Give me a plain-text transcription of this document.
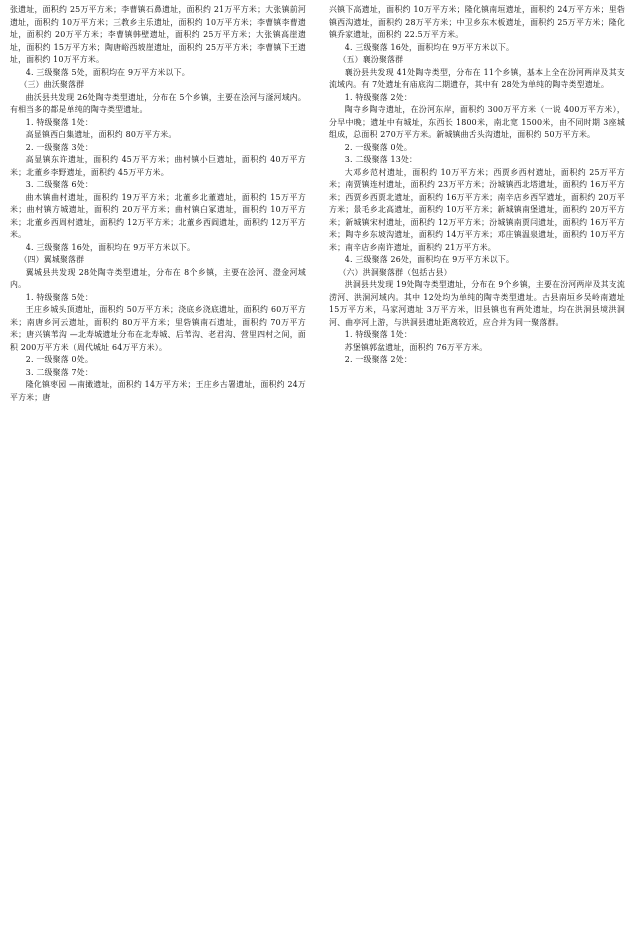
张遗址，面积约 25万平方米；李曹镇石鼻遗址，面积约 21万平方米；大张镇前河遗址，面积约 10万平方米；三教乡主乐遗址，面积约 10万平方米；李曹镇李曹遗址，面积约 20万平方米；李曹镇韩壁遗址，面积约 25万平方米；大张镇高崖遗址，面积约 15万平方米；陶唐峪西坡崖遗址，面积约 25万平方米；李曹镇下王遗址，面积约 10万平方米。

4. 三级聚落 5处，面积均在 9万平方米以下。

（三）曲沃聚落群

曲沃县共发现 26处陶寺类型遗址，分布在 5个乡镇，主要在浍河与滏河域内。有相当多的都是单纯的陶寺类型遗址。

1. 特级聚落 1处：

高显镇西白集遗址，面积约 80万平方米。

2. 一级聚落 3处：

高显镇东许遗址，面积约 45万平方米；曲村镇小巨遗址，面积约 40万平方米；北董乡李野遗址，面积约 45万平方米。

3. 二级聚落 6处：

曲木镇曲村遗址，面积约 19万平方米；北董乡北董遗址，面积约 15万平方米；曲村镇方城遗址，面积约 20万平方米；曲村镇白冢遗址，面积约 10万平方米；北董乡西周村遗址，面积约 12万平方米；北董乡西阎遗址，面积约 12万平方米。

4. 三级聚落 16处，面积均在 9万平方米以下。

（四）翼城聚落群

翼城县共发现 28处陶寺类型遗址，分布在 8个乡镇，主要在浍河、澄金河域内。

1. 特级聚落 5处：

王庄乡城头顶遗址，面积约 50万平方米；浇底乡浇底遗址，面积约 60万平方米；南唐乡河云遗址，面积约 80万平方米；里砦镇南石遗址，面积约 70万平方米；唐兴镇苇沟 —北寿城遗址分布在北寿城、后苇沟、老君沟、营里四村之间，面积 200万平方米（周代城址 64万平方米）。

2. 一级聚落 0处。

3. 二级聚落 7处：

隆化镇枣园 —南撖遗址，面积约 14万平方米；王庄乡古署遗址，面积约 24万平方米；唐

兴镇下高遗址，面积约 10万平方米；隆化镇南垣遗址，面积约 24万平方米；里砦镇西沟遗址，面积约 28万平方米；中卫乡东木板遗址，面积约 25万平方米；隆化镇乔家遗址，面积约 22.5万平方米。

4. 三级聚落 16处，面积均在 9万平方米以下。

（五）襄汾聚落群

襄汾县共发现 41处陶寺类型，分布在 11个乡镇，基本上全在汾河两岸及其支流域内。有 7处遗址有庙底沟二期遗存，其中有 28处为单纯的陶寺类型遗址。

1. 特级聚落 2处：

陶寺乡陶寺遗址，在汾河东岸，面积约 300万平方米（一说 400万平方米），分早中晚；遗址中有城址，东西长 1800米，南北宽 1500米，由不同时期 3座城组成，总面积 270万平方米。新城镇曲舌头沟遗址，面积约 50万平方米。

2. 一级聚落 0处。

3. 二级聚落 13处：

大邓乡范村遗址，面积约 10万平方米；西贾乡西村遗址，面积约 25万平方米；南贾镇连村遗址，面积约 23万平方米；汾城镇西北塔遗址，面积约 16万平方米；西贾乡西贾北遗址，面积约 16万平方米；南辛店乡西罕遗址，面积约 20万平方米；景毛乡北高遗址，面积约 10万平方米；新城镇南堡遗址，面积约 20万平方米；新城镇宋村遗址，面积约 12万平方米；汾城镇南贾闫遗址，面积约 16万平方米；陶寺乡东坡沟遗址，面积约 14万平方米；邓庄镇温泉遗址，面积约 10万平方米；南辛店乡南许遗址，面积约 21万平方米。

4. 三级聚落 26处，面积均在 9万平方米以下。

（六）洪洞聚落群（包括古县）

洪洞县共发现 19处陶寺类型遗址，分布在 9个乡镇，主要在汾河两岸及其支流涝河、洪洞河域内。其中 12处均为单纯的陶寺类型遗址。古县南垣乡吴岭南遗址 15万平方米，马家河遗址 3万平方米，旧县镇也有两处遗址，均在洪洞县境洪洞河、曲亭河上游，与洪洞县遗址距离较近，应合并为同一聚落群。

1. 特级聚落 1处：

苏堡镇郭盆遗址，面积约 76万平方米。

2. 一级聚落 2处：
